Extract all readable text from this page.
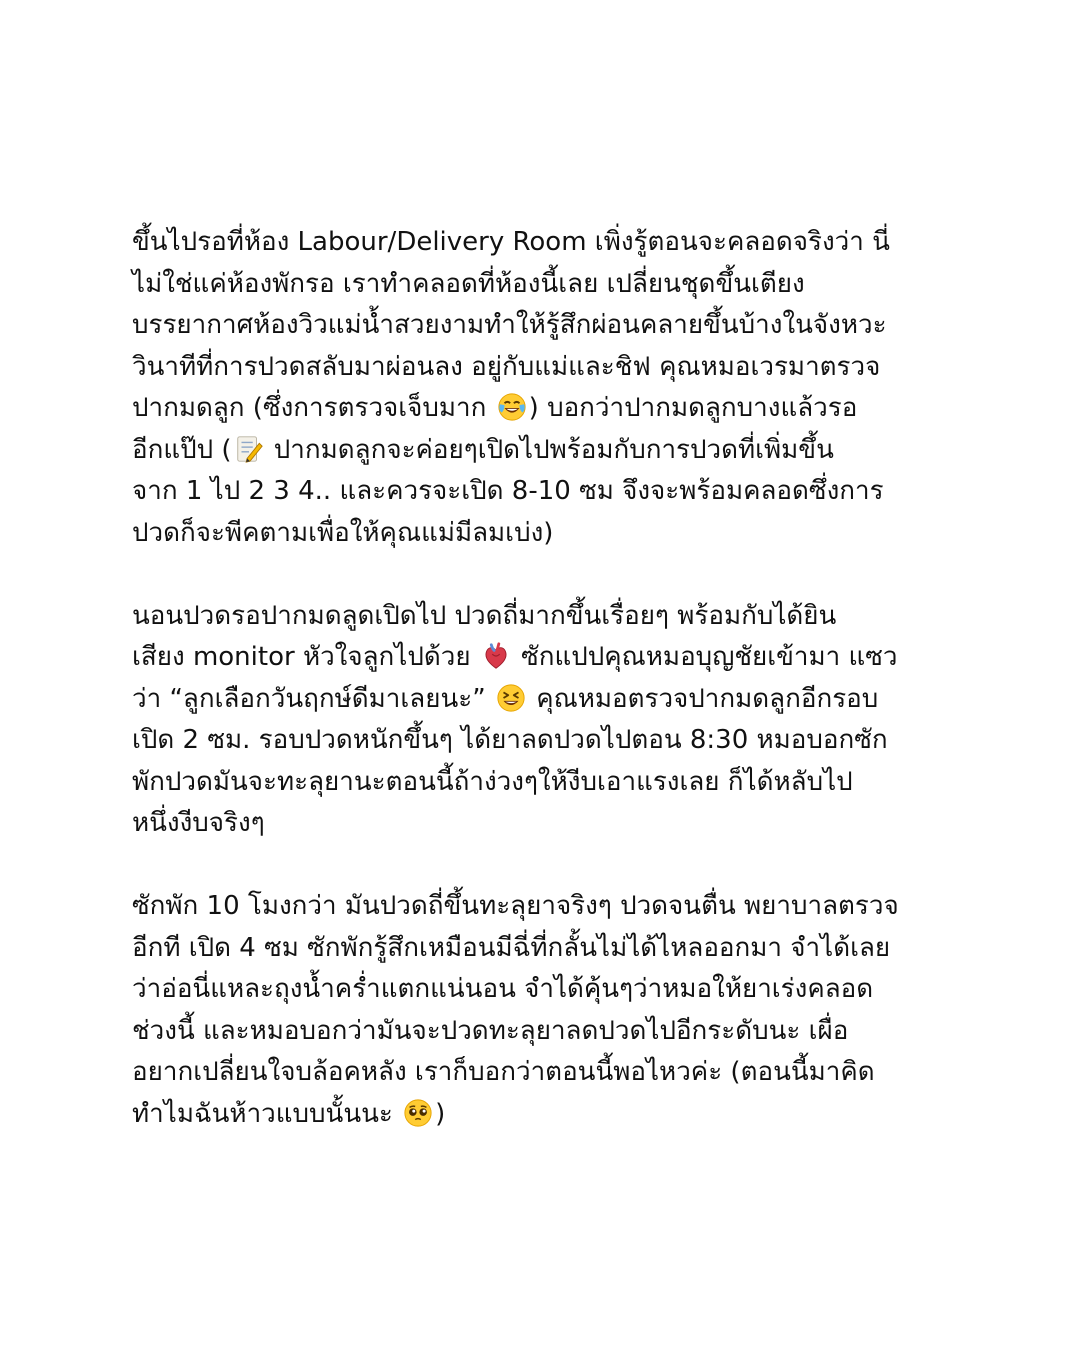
ขึ้นไปรอที่ห้อง Labour/Delivery Room เพิ่งรู้ตอนจะคลอดจริงว่า นี่
ไม่ใช่แค่ห้องพักรอ เราทำคลอดที่ห้องนี้เลย เปลี่ยนชุดขึ้นเตียง
บรรยากาศห้องวิวแม่น้ำสวยงามทำให้รู้สึกผ่อนคลายขึ้นบ้างในจังหวะ
วินาทีที่การปวดสลับมาผ่อนลง อยู่กับแม่และชิฟ คุณหมอเวรมาตรวจ
ปากมดลูก (ซึ่งการตรวจเจ็บมาก ) บอกว่าปากมดลูกบางแล้วรอ
อีกแป๊ป ( ปากมดลูกจะค่อยๆเปิดไปพร้อมกับการปวดที่เพิ่มขึ้น
จาก 1 ไป 2 3 4.. และควรจะเปิด 8-10 ซม จึงจะพร้อมคลอดซึ่งการ
ปวดก็จะพีคตามเพื่อให้คุณแม่มีลมเบ่ง)
นอนปวดรอปากมดลูดเปิดไป ปวดถี่มากขึ้นเรื่อยๆ พร้อมกับได้ยิน
เสียง monitor หัวใจลูกไปด้วย  ซักแปปคุณหมอบุญชัยเข้ามา แซว
ว่า “ลูกเลือกวันฤกษ์ดีมาเลยนะ”  คุณหมอตรวจปากมดลูกอีกรอบ
เปิด 2 ซม. รอบปวดหนักขึ้นๆ ได้ยาลดปวดไปตอน 8:30 หมอบอกซัก
พักปวดมันจะทะลุยานะตอนนี้ถ้าง่วงๆให้งีบเอาแรงเลย ก็ได้หลับไป
หนึ่งงีบจริงๆ
ซักพัก 10 โมงกว่า มันปวดถี่ขึ้นทะลุยาจริงๆ ปวดจนตื่น พยาบาลตรวจ
อีกที เปิด 4 ซม ซักพักรู้สึกเหมือนมีฉี่ที่กลั้นไม่ได้ไหลออกมา จำได้เลย
ว่าอ่อนี่แหละถุงน้ำคร่ำแตกแน่นอน จำได้คุ้นๆว่าหมอให้ยาเร่งคลอด
ช่วงนี้ และหมอบอกว่ามันจะปวดทะลุยาลดปวดไปอีกระดับนะ เผื่อ
อยากเปลี่ยนใจบล้อคหลัง เราก็บอกว่าตอนนี้พอไหวค่ะ (ตอนนี้มาคิด
ทำไมฉันห้าวแบบนั้นนะ )
